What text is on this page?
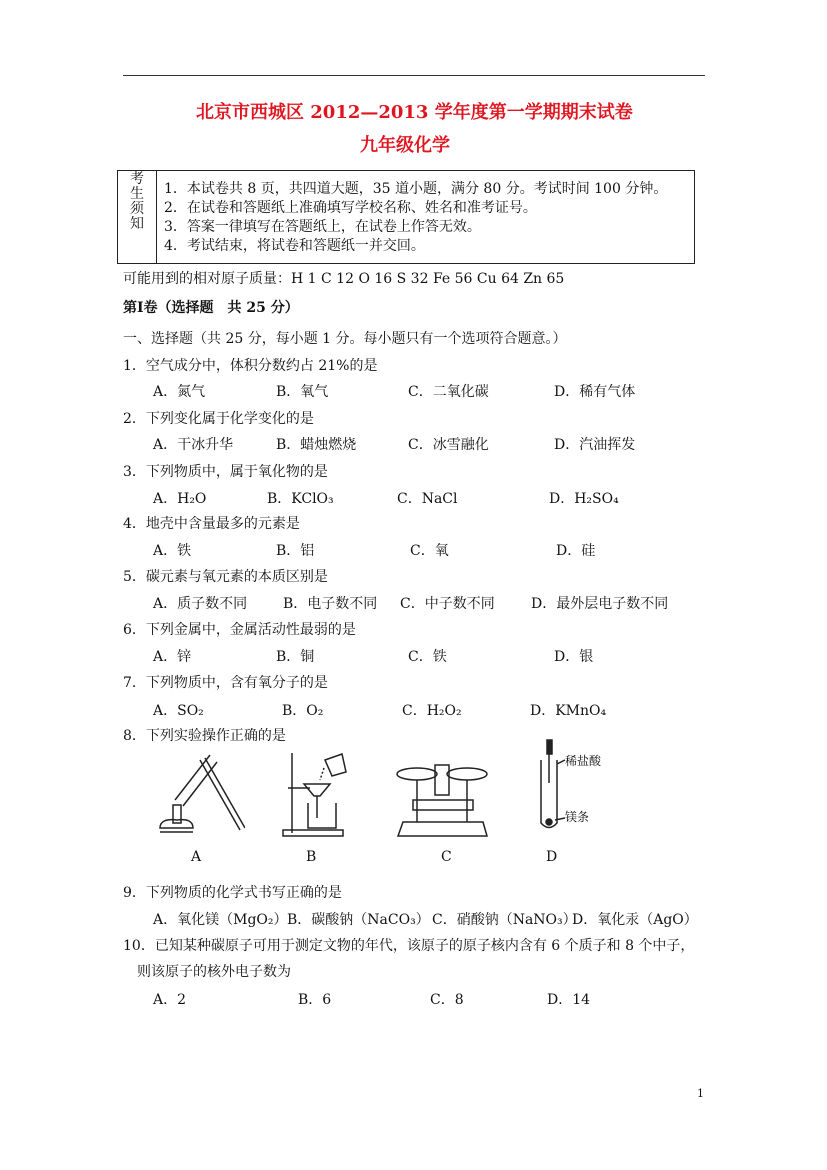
北京市西城区 2012—2013 学年度第一学期期末试卷
九年级化学
考
生
须
知
1．本试卷共 8 页，共四道大题，35 道小题，满分 80 分。考试时间 100 分钟。
2．在试卷和答题纸上准确填写学校名称、姓名和准考证号。
3．答案一律填写在答题纸上，在试卷上作答无效。
4．考试结束，将试卷和答题纸一并交回。
可能用到的相对原子质量：H 1 C 12 O 16 S 32 Fe 56 Cu 64 Zn 65
第Ⅰ卷（选择题　共 25 分）
一、选择题（共 25 分，每小题 1 分。每小题只有一个选项符合题意。）
1．空气成分中，体积分数约占 21%的是
A．氮气	B．氧气	C．二氧化碳	D．稀有气体
2．下列变化属于化学变化的是
A．干冰升华	B．蜡烛燃烧	C．冰雪融化	D．汽油挥发
3．下列物质中，属于氧化物的是
A．H₂O	B．KClO₃	C．NaCl	D．H₂SO₄
4．地壳中含量最多的元素是
A．铁	B．铝	C．氧	D．硅
5．碳元素与氧元素的本质区别是
A．质子数不同	B．电子数不同 C．中子数不同	D．最外层电子数不同
6．下列金属中，金属活动性最弱的是
A．锌	B．铜	C．铁	D．银
7．下列物质中，含有氧分子的是
A．SO₂	B．O₂	C．H₂O₂	D．KMnO₄
8．下列实验操作正确的是
稀盐酸
镁条
A	B	C	D
9．下列物质的化学式书写正确的是
A．氧化镁（MgO₂） B．碳酸钠（NaCO₃） C．硝酸钠（NaNO₃）
D．氧化汞（AgO）
10．已知某种碳原子可用于测定文物的年代，该原子的原子核内含有 6 个质子和 8 个中子，
则该原子的核外电子数为
A．2	B．6	C．8	D．14
1
